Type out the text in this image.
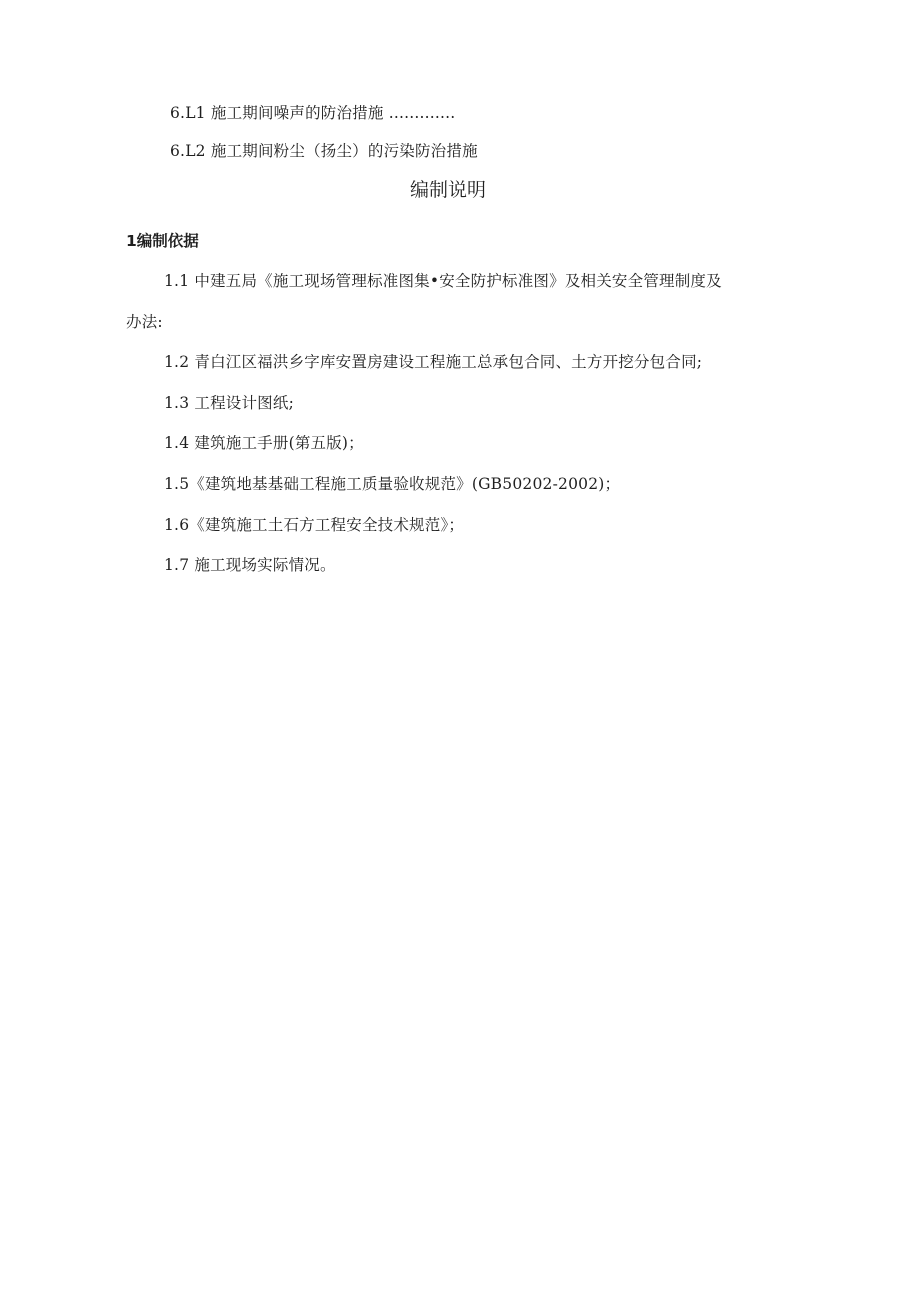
6.L1 施工期间噪声的防治措施 .............
6.L2 施工期间粉尘（扬尘）的污染防治措施
编制说明
1编制依据
1.1 中建五局《施工现场管理标准图集•安全防护标准图》及相关安全管理制度及
办法:
1.2 青白江区福洪乡字库安置房建设工程施工总承包合同、土方开挖分包合同;
1.3 工程设计图纸;
1.4 建筑施工手册(第五版)；
1.5《建筑地基基础工程施工质量验收规范》(GB50202-2002)；
1.6《建筑施工土石方工程安全技术规范》；
1.7 施工现场实际情况。
